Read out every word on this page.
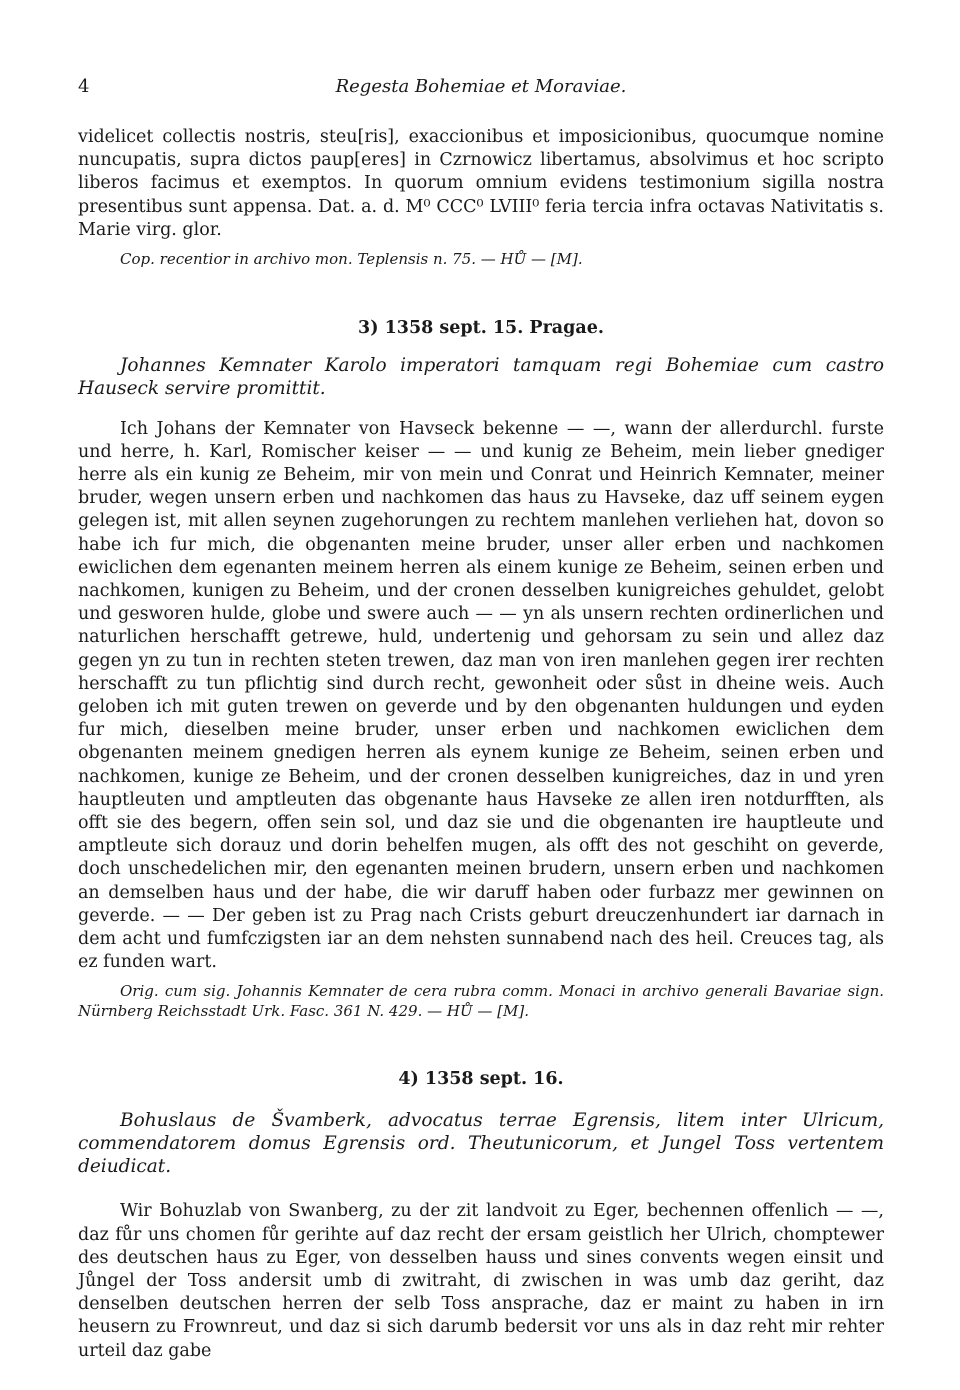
4	Regesta Bohemiae et Moraviae.

videlicet collectis nostris, steu[ris], exaccionibus et imposicionibus, quocumque nomine nuncupatis, supra dictos paup[eres] in Czrnowicz libertamus, absolvimus et hoc scripto liberos facimus et exemptos. In quorum omnium evidens testimonium sigilla nostra presentibus sunt appensa. Dat. a. d. M⁰ CCC⁰ LVIII⁰ feria tercia infra octavas Nativitatis s. Marie virg. glor.

Cop. recentior in archivo mon. Teplensis n. 75. — HŮ — [M].

3) 1358 sept. 15. Pragae.

Johannes Kemnater Karolo imperatori tamquam regi Bohemiae cum castro Hauseck servire promittit.

Ich Johans der Kemnater von Havseck bekenne — —, wann der allerdurchl. furste und herre, h. Karl, Romischer keiser — — und kunig ze Beheim, mein lieber gnediger herre als ein kunig ze Beheim, mir von mein und Conrat und Heinrich Kemnater, meiner bruder, wegen unsern erben und nachkomen das haus zu Havseke, daz uff seinem eygen gelegen ist, mit allen seynen zugehorungen zu rechtem manlehen verliehen hat, dovon so habe ich fur mich, die obgenanten meine bruder, unser aller erben und nachkomen ewiclichen dem egenanten meinem herren als einem kunige ze Beheim, seinen erben und nachkomen, kunigen zu Beheim, und der cronen desselben kunigreiches gehuldet, gelobt und gesworen hulde, globe und swere auch — — yn als unsern rechten ordinerlichen und naturlichen herschafft getrewe, huld, undertenig und gehorsam zu sein und allez daz gegen yn zu tun in rechten steten trewen, daz man von iren manlehen gegen irer rechten herschafft zu tun pflichtig sind durch recht, gewonheit oder sůst in dheine weis. Auch geloben ich mit guten trewen on geverde und by den obgenanten huldungen und eyden fur mich, dieselben meine bruder, unser erben und nachkomen ewiclichen dem obgenanten meinem gnedigen herren als eynem kunige ze Beheim, seinen erben und nachkomen, kunige ze Beheim, und der cronen desselben kunigreiches, daz in und yren hauptleuten und amptleuten das obgenante haus Havseke ze allen iren notdurfften, als offt sie des begern, offen sein sol, und daz sie und die obgenanten ire hauptleute und amptleute sich dorauz und dorin behelfen mugen, als offt des not geschiht on geverde, doch unschedelichen mir, den egenanten meinen brudern, unsern erben und nachkomen an demselben haus und der habe, die wir daruff haben oder furbazz mer gewinnen on geverde. — — Der geben ist zu Prag nach Crists geburt dreuczenhundert iar darnach in dem acht und fumfczigsten iar an dem nehsten sunnabend nach des heil. Creuces tag, als ez funden wart.

Orig. cum sig. Johannis Kemnater de cera rubra comm. Monaci in archivo generali Bavariae sign. Nürnberg Reichsstadt Urk. Fasc. 361 N. 429. — HŮ — [M].

4) 1358 sept. 16.

Bohuslaus de Švamberk, advocatus terrae Egrensis, litem inter Ulricum, commendatorem domus Egrensis ord. Theutunicorum, et Jungel Toss vertentem deiudicat.

Wir Bohuzlab von Swanberg, zu der zit landvoit zu Eger, bechennen offenlich — —, daz fůr uns chomen fůr gerihte auf daz recht der ersam geistlich her Ulrich, chomptewer des deutschen haus zu Eger, von desselben hauss und sines convents wegen einsit und Jůngel der Toss andersit umb di zwitraht, di zwischen in was umb daz geriht, daz denselben deutschen herren der selb Toss ansprache, daz er maint zu haben in irn heusern zu Frownreut, und daz si sich darumb bedersit vor uns als in daz reht mir rehter urteil daz gabe
